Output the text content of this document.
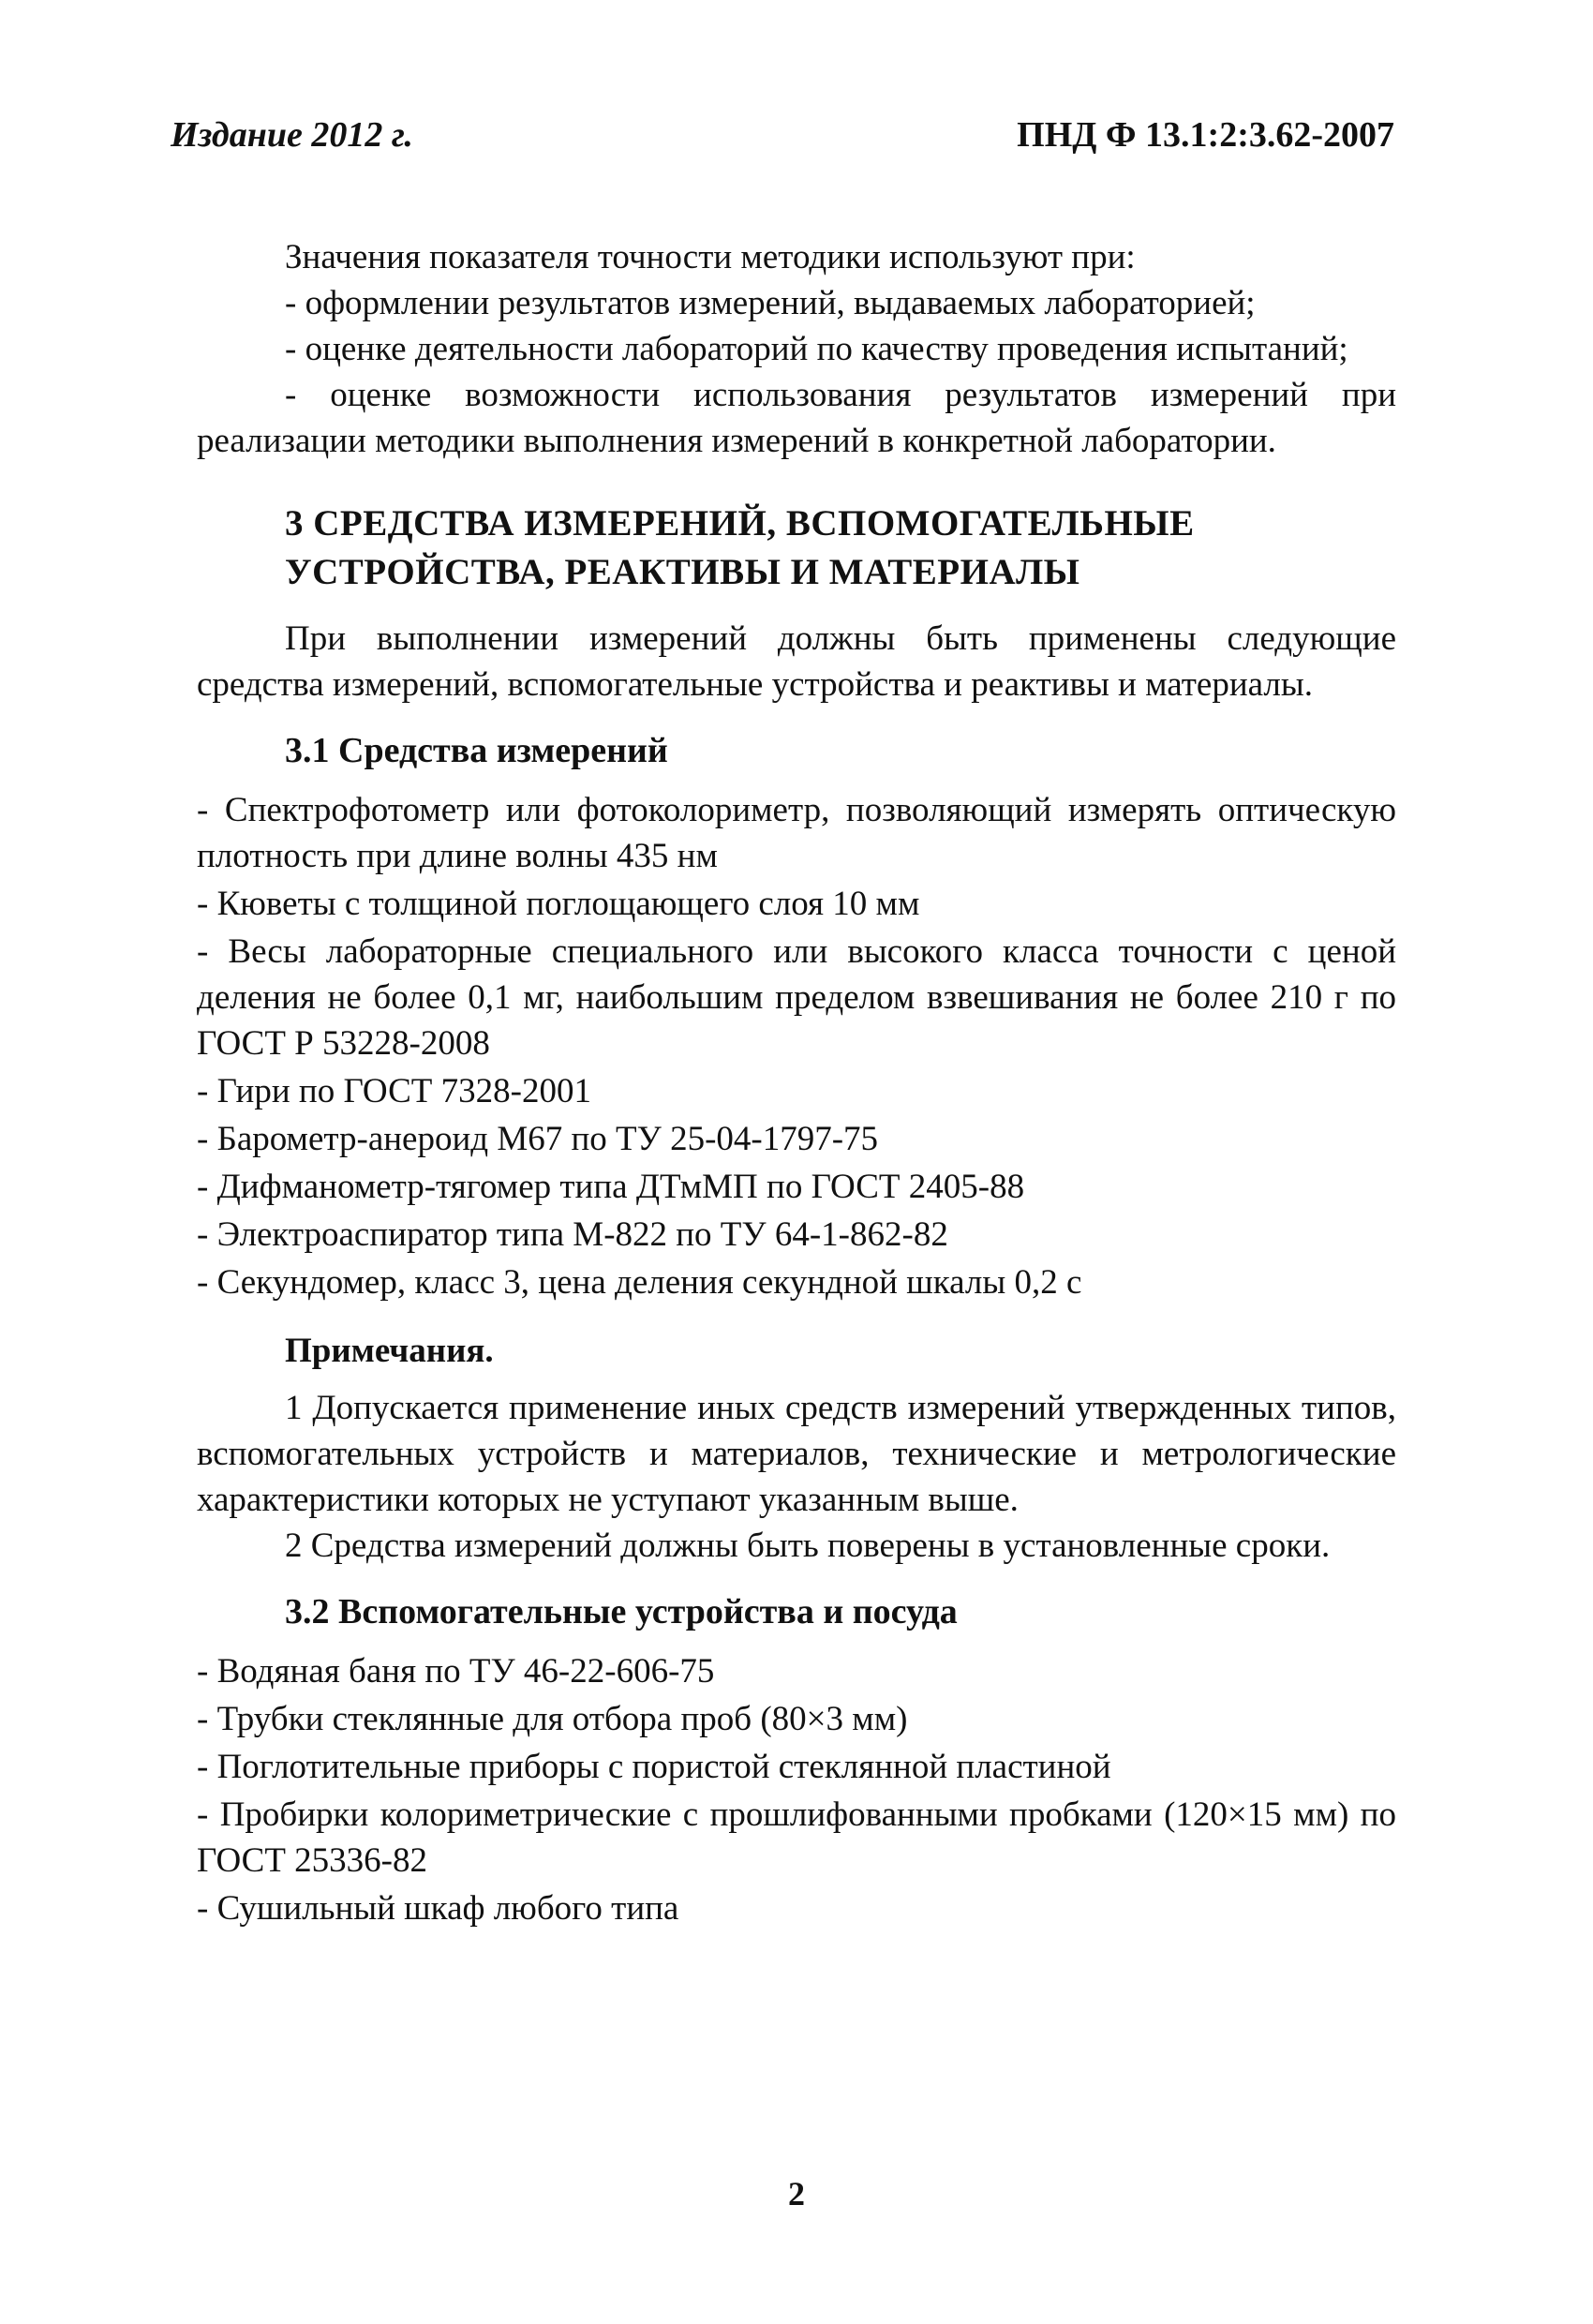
Издание 2012 г.	ПНД Ф 13.1:2:3.62-2007

Значения показателя точности методики используют при:

- оформлении результатов измерений, выдаваемых лабораторией;

- оценке деятельности лабораторий по качеству проведения испытаний;

- оценке возможности использования результатов измерений при реализации методики выполнения измерений в конкретной лаборатории.

3 СРЕДСТВА ИЗМЕРЕНИЙ, ВСПОМОГАТЕЛЬНЫЕ
УСТРОЙСТВА, РЕАКТИВЫ И МАТЕРИАЛЫ

При выполнении измерений должны быть применены следующие средства измерений, вспомогательные устройства и реактивы и материалы.

3.1 Средства измерений

- Спектрофотометр или фотоколориметр, позволяющий измерять оптическую плотность при длине волны 435 нм

- Кюветы с толщиной поглощающего слоя 10 мм

- Весы лабораторные специального или высокого класса точности с ценой деления не более 0,1 мг, наибольшим пределом взвешивания не более 210 г по ГОСТ Р 53228-2008

- Гири по ГОСТ 7328-2001

- Барометр-анероид М67 по ТУ 25-04-1797-75

- Дифманометр-тягомер типа ДТмМП по ГОСТ 2405-88

- Электроаспиратор типа М-822 по ТУ 64-1-862-82

- Секундомер, класс 3, цена деления секундной шкалы 0,2 с

Примечания.

1 Допускается применение иных средств измерений утвержденных типов, вспомогательных устройств и материалов, технические и метрологические характеристики которых не уступают указанным выше.

2 Средства измерений должны быть поверены в установленные сроки.

3.2 Вспомогательные устройства и посуда

- Водяная баня по ТУ 46-22-606-75

- Трубки стеклянные для отбора проб (80×3 мм)

- Поглотительные приборы с пористой стеклянной пластиной

- Пробирки колориметрические с прошлифованными пробками (120×15 мм) по ГОСТ 25336-82

- Сушильный шкаф любого типа

2
